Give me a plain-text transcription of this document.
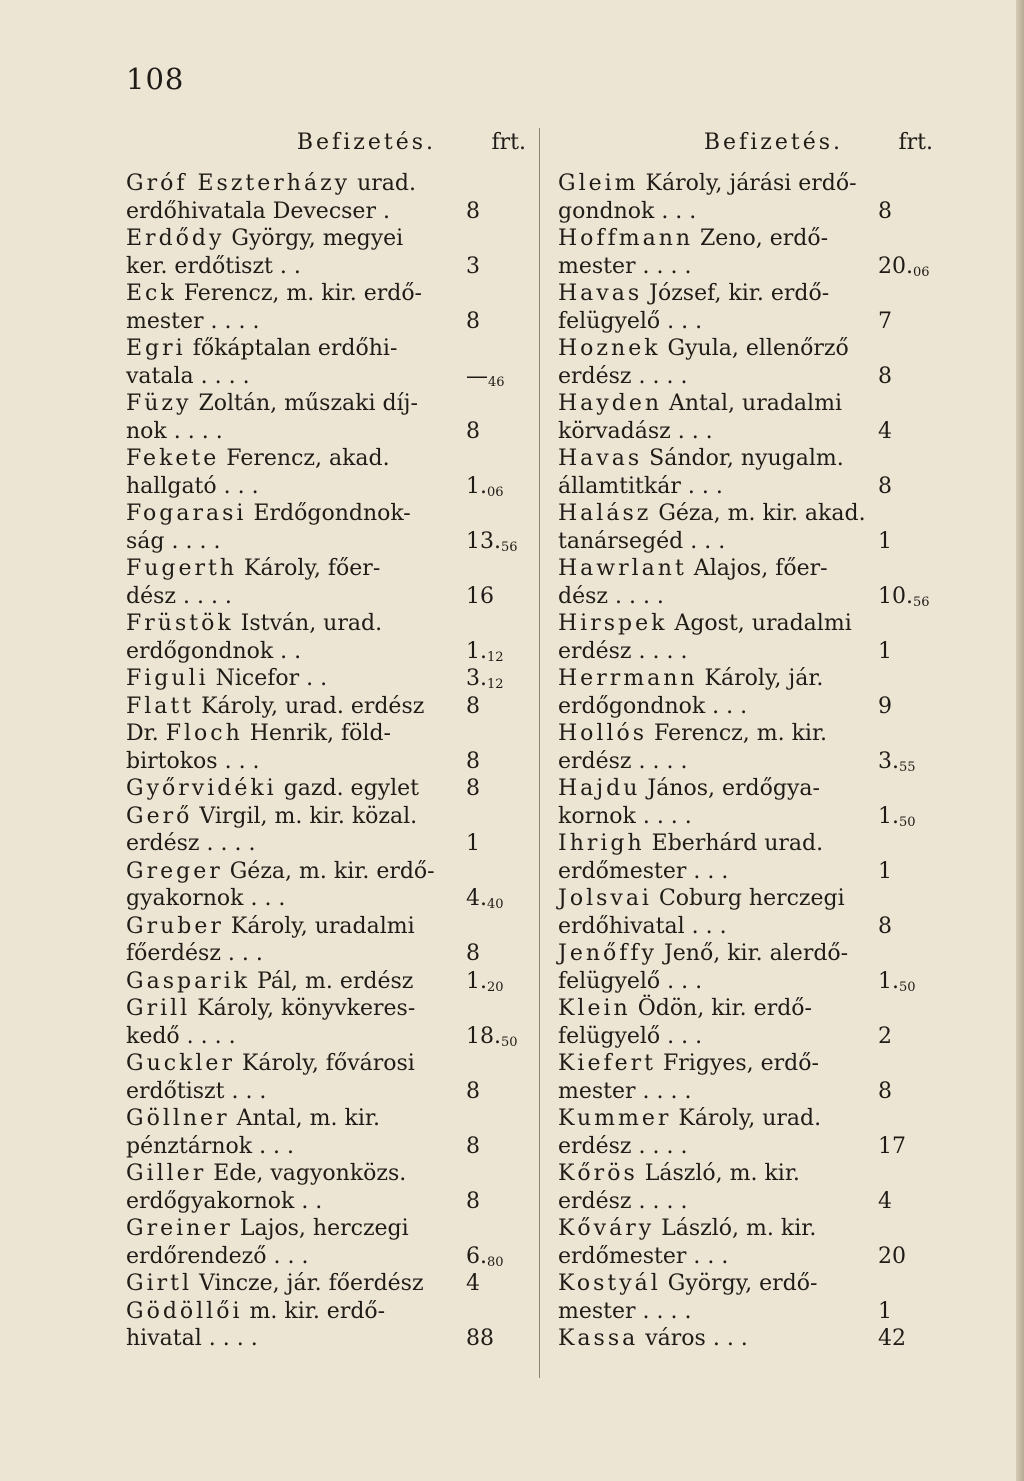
108
Befizetés.	frt.
Gróf Eszterházy urad.
erdőhivatala Devecser .	8
Erdődy György, megyei
ker. erdőtiszt . .	3
Eck Ferencz, m. kir. erdő-
mester . . . .	8
Egri főkáptalan erdőhi-
vatala . . . .	$—_{46}$
Füzy Zoltán, műszaki díj-
nok . . . .	8
Fekete Ferencz, akad.
hallgató . . .	$1._{06}$
Fogarasi Erdőgondnok-
ság . . . .	$13._{56}$
Fugerth Károly, főer-
dész . . . .	16
Früstök István, urad.
erdőgondnok . .	$1._{12}$
Figuli Nicefor . .	$3._{12}$
Flatt Károly, urad. erdész 8
Dr. Floch Henrik, föld-
birtokos . . .	8
Győrvidéki gazd. egylet 8
Gerő Virgil, m. kir. közal.
erdész . . . .	1
Greger Géza, m. kir. erdő-
gyakornok . . .	$4._{40}$
Gruber Károly, uradalmi
főerdész . . .	8
Gasparik Pál, m. erdész $1._{20}$
Grill Károly, könyvkeres-
kedő . . . .	$18._{50}$
Guckler Károly, fővárosi
erdőtiszt . . .	8
Göllner Antal, m. kir.
pénztárnok . . .	8
Giller Ede, vagyonközs.
erdőgyakornok . .	8
Greiner Lajos, herczegi
erdőrendező . . .	$6._{80}$
Girtl Vincze, jár. főerdész 4
Gödöllői m. kir. erdő-
hivatal . . . .	88
Befizetés.	frt.
Gleim Károly, járási erdő-
gondnok . . .	8
Hoffmann Zeno, erdő-
mester . . . .	$20._{06}$
Havas József, kir. erdő-
felügyelő . . .	7
Hoznek Gyula, ellenőrző
erdész . . . .	8
Hayden Antal, uradalmi
körvadász . . .	4
Havas Sándor, nyugalm.
államtitkár . . .	8
Halász Géza, m. kir. akad.
tanársegéd . . .	1
Hawrlant Alajos, főer-
dész . . . .	$10._{56}$
Hirspek Agost, uradalmi
erdész . . . .	1
Herrmann Károly, jár.
erdőgondnok . . .	9
Hollós Ferencz, m. kir.
erdész . . . .	$3._{55}$
Hajdu János, erdőgya-
kornok . . . .	$1._{50}$
Ihrigh Eberhárd urad.
erdőmester . . .	1
Jolsvai Coburg herczegi
erdőhivatal . . .	8
Jenőffy Jenő, kir. alerdő-
felügyelő . . .	$1._{50}$
Klein Ödön, kir. erdő-
felügyelő . . .	2
Kiefert Frigyes, erdő-
mester . . . .	8
Kummer Károly, urad.
erdész . . . .	17
Kőrös László, m. kir.
erdész . . . .	4
Kőváry László, m. kir.
erdőmester . . .	20
Kostyál György, erdő-
mester . . . .	1
Kassa város . . .	42
